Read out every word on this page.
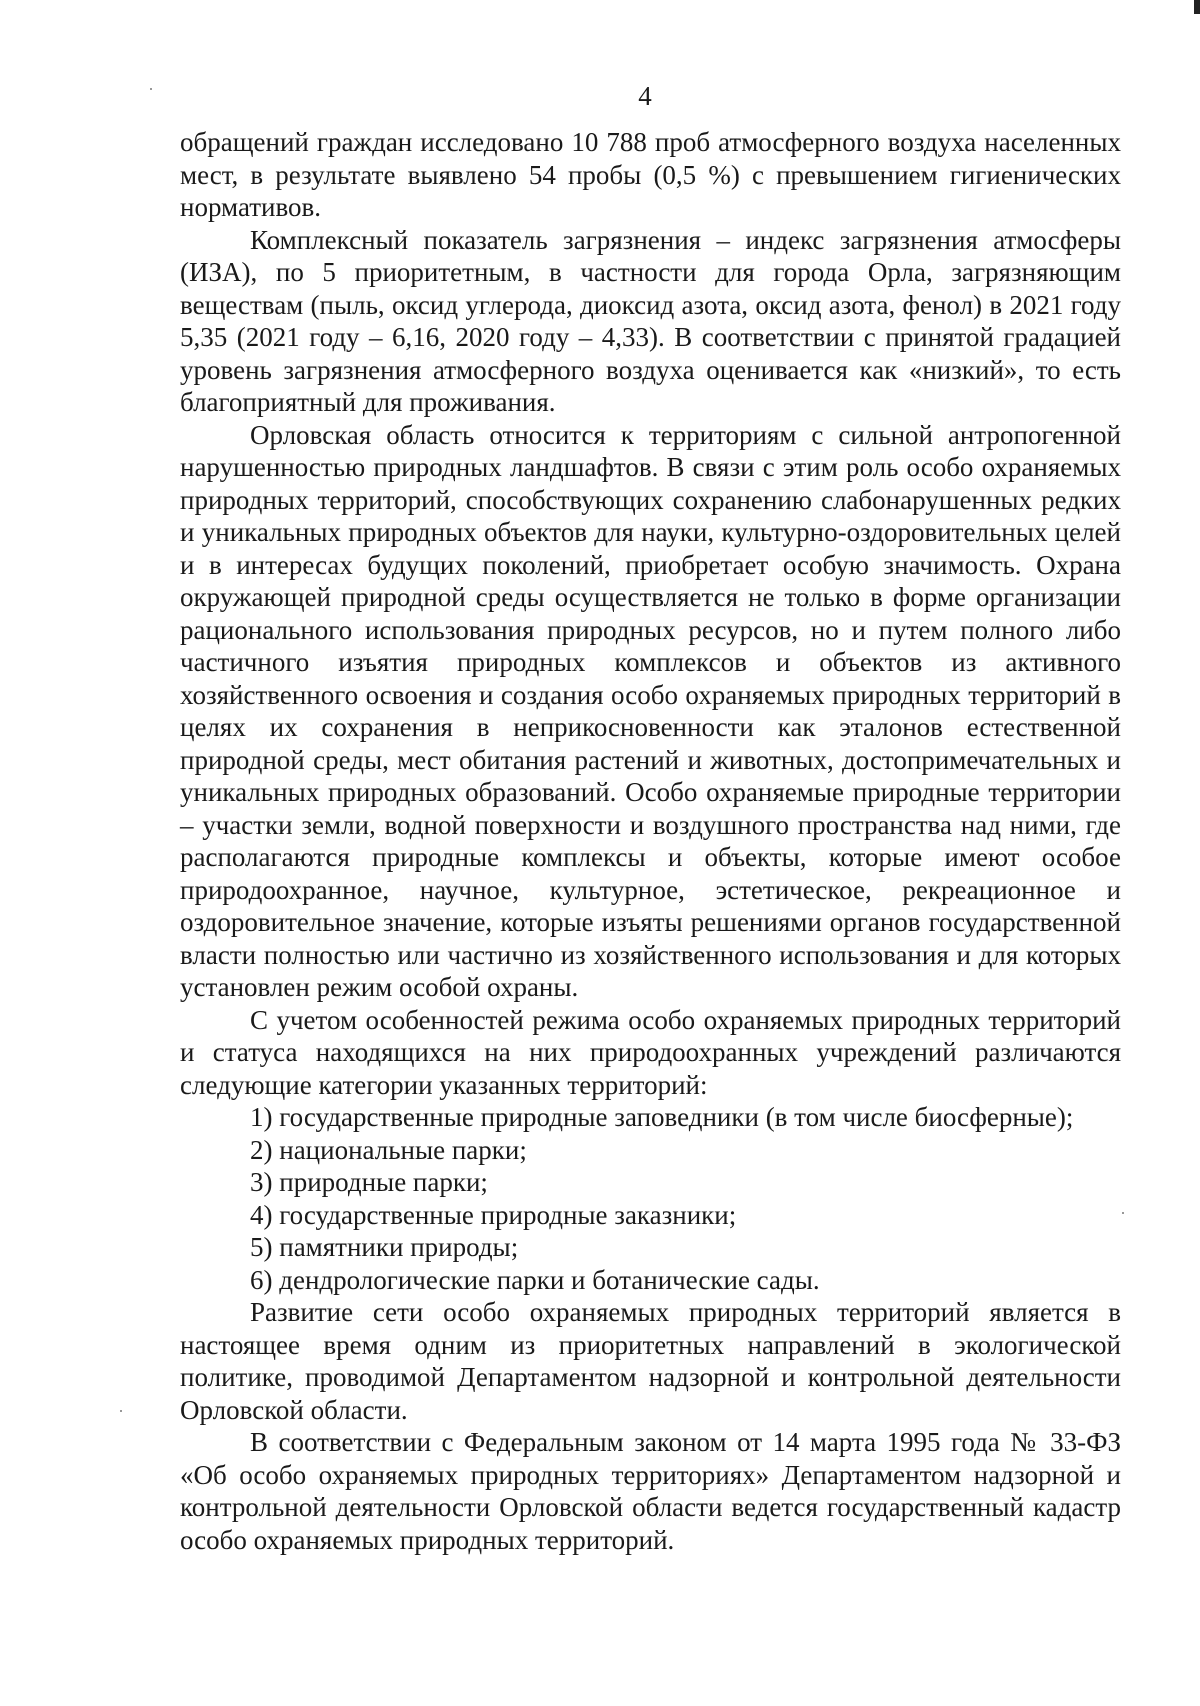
4

обращений граждан исследовано 10 788 проб атмосферного воздуха населенных мест, в результате выявлено 54 пробы (0,5 %) с превышением гигиенических нормативов.

Комплексный показатель загрязнения – индекс загрязнения атмосферы (ИЗА), по 5 приоритетным, в частности для города Орла, загрязняющим веществам (пыль, оксид углерода, диоксид азота, оксид азота, фенол) в 2021 году 5,35 (2021 году – 6,16, 2020 году – 4,33). В соответствии с принятой градацией уровень загрязнения атмосферного воздуха оценивается как «низкий», то есть благоприятный для проживания.

Орловская область относится к территориям с сильной антропогенной нарушенностью природных ландшафтов. В связи с этим роль особо охраняемых природных территорий, способствующих сохранению слабонарушенных редких и уникальных природных объектов для науки, культурно-оздоровительных целей и в интересах будущих поколений, приобретает особую значимость. Охрана окружающей природной среды осуществляется не только в форме организации рационального использования природных ресурсов, но и путем полного либо частичного изъятия природных комплексов и объектов из активного хозяйственного освоения и создания особо охраняемых природных территорий в целях их сохранения в неприкосновенности как эталонов естественной природной среды, мест обитания растений и животных, достопримечательных и уникальных природных образований. Особо охраняемые природные территории – участки земли, водной поверхности и воздушного пространства над ними, где располагаются природные комплексы и объекты, которые имеют особое природоохранное, научное, культурное, эстетическое, рекреационное и оздоровительное значение, которые изъяты решениями органов государственной власти полностью или частично из хозяйственного использования и для которых установлен режим особой охраны.

С учетом особенностей режима особо охраняемых природных территорий и статуса находящихся на них природоохранных учреждений различаются следующие категории указанных территорий:

1) государственные природные заповедники (в том числе биосферные);
2) национальные парки;
3) природные парки;
4) государственные природные заказники;
5) памятники природы;
6) дендрологические парки и ботанические сады.

Развитие сети особо охраняемых природных территорий является в настоящее время одним из приоритетных направлений в экологической политике, проводимой Департаментом надзорной и контрольной деятельности Орловской области.

В соответствии с Федеральным законом от 14 марта 1995 года № 33-ФЗ «Об особо охраняемых природных территориях» Департаментом надзорной и контрольной деятельности Орловской области ведется государственный кадастр особо охраняемых природных территорий.
